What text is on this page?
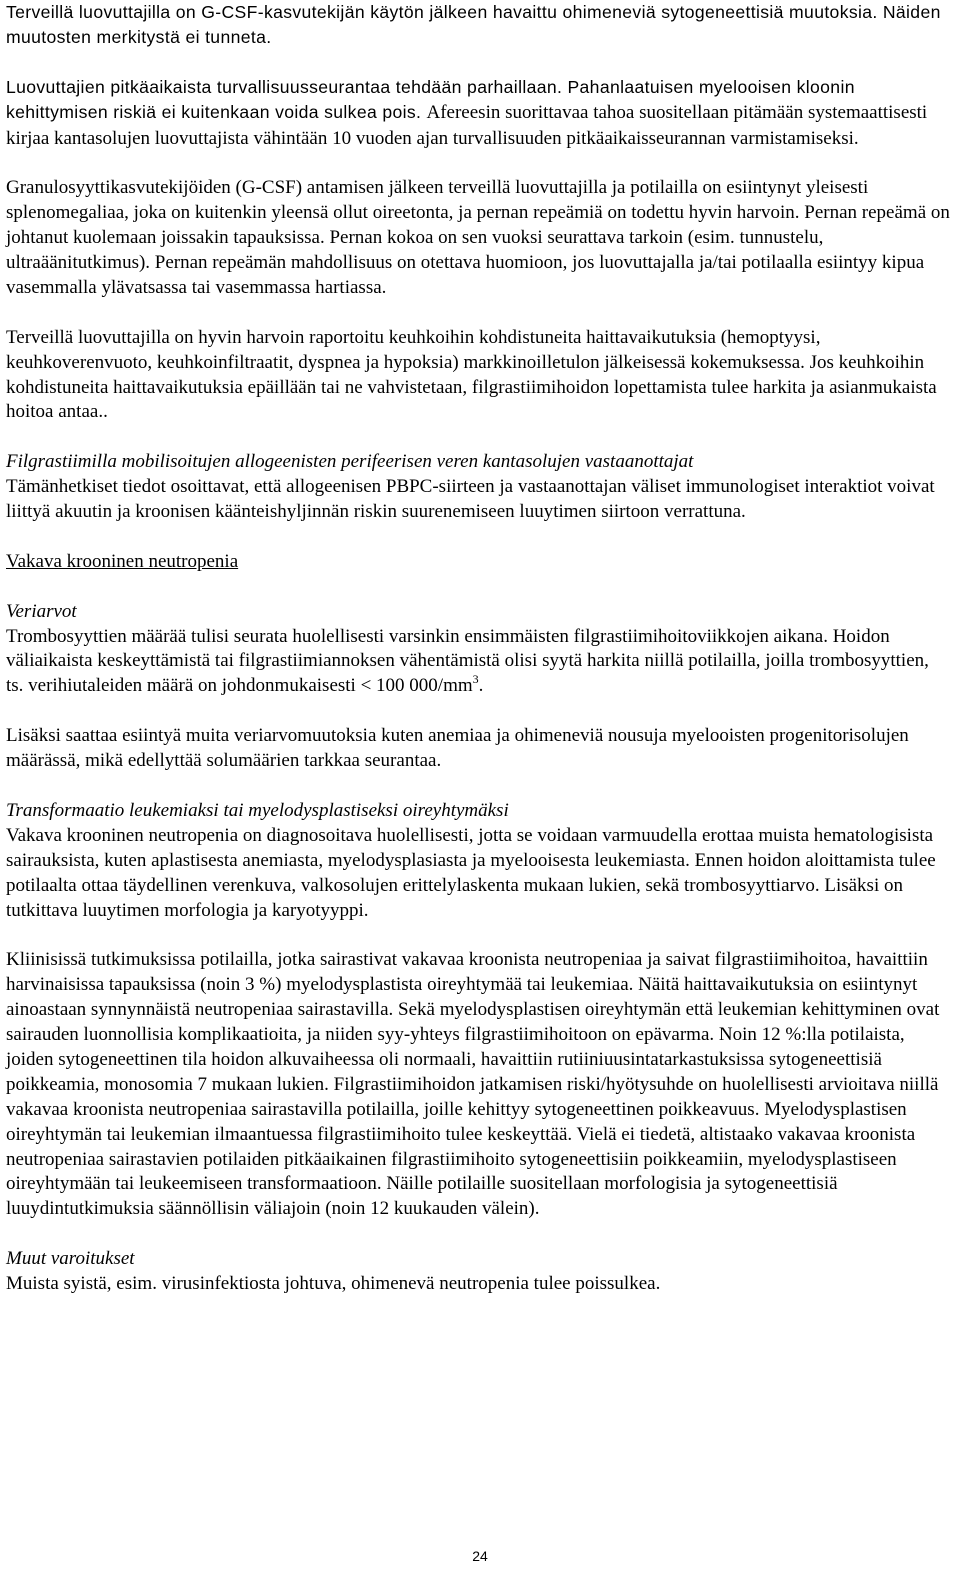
Terveillä luovuttajilla on G-CSF-kasvutekijän käytön jälkeen havaittu ohimeneviä sytogeneettisiä muutoksia. Näiden muutosten merkitystä ei tunneta.

Luovuttajien pitkäaikaista turvallisuusseurantaa tehdään parhaillaan. Pahanlaatuisen myelooisen kloonin kehittymisen riskiä ei kuitenkaan voida sulkea pois. Afereesin suorittavaa tahoa suositellaan pitämään systemaattisesti kirjaa kantasolujen luovuttajista vähintään 10 vuoden ajan turvallisuuden pitkäaikaisseurannan varmistamiseksi.

Granulosyyttikasvutekijöiden (G-CSF) antamisen jälkeen terveillä luovuttajilla ja potilailla on esiintynyt yleisesti splenomegaliaa, joka on kuitenkin yleensä ollut oireetonta, ja pernan repeämiä on todettu hyvin harvoin. Pernan repeämä on johtanut kuolemaan joissakin tapauksissa. Pernan kokoa on sen vuoksi seurattava tarkoin (esim. tunnustelu, ultraäänitutkimus). Pernan repeämän mahdollisuus on otettava huomioon, jos luovuttajalla ja/tai potilaalla esiintyy kipua vasemmalla ylävatsassa tai vasemmassa hartiassa.

Terveillä luovuttajilla on hyvin harvoin raportoitu keuhkoihin kohdistuneita haittavaikutuksia (hemoptyysi, keuhkoverenvuoto, keuhkoinfiltraatit, dyspnea ja hypoksia) markkinoilletulon jälkeisessä kokemuksessa. Jos keuhkoihin kohdistuneita haittavaikutuksia epäillään tai ne vahvistetaan, filgrastiimihoidon lopettamista tulee harkita ja asianmukaista hoitoa antaa..

Filgrastiimilla mobilisoitujen allogeenisten perifeerisen veren kantasolujen vastaanottajat
Tämänhetkiset tiedot osoittavat, että allogeenisen PBPC-siirteen ja vastaanottajan väliset immunologiset interaktiot voivat liittyä akuutin ja kroonisen käänteishyljinnän riskin suurenemiseen luuytimen siirtoon verrattuna.

Vakava krooninen neutropenia

Veriarvot
Trombosyyttien määrää tulisi seurata huolellisesti varsinkin ensimmäisten filgrastiimihoitoviikkojen aikana. Hoidon väliaikaista keskeyttämistä tai filgrastiimiannoksen vähentämistä olisi syytä harkita niillä potilailla, joilla trombosyyttien, ts. verihiutaleiden määrä on johdonmukaisesti < 100 $000/mm^3$.

Lisäksi saattaa esiintyä muita veriarvomuutoksia kuten anemiaa ja ohimeneviä nousuja myelooisten progenitorisolujen määrässä, mikä edellyttää solumäärien tarkkaa seurantaa.

Transformaatio leukemiaksi tai myelodysplastiseksi oireyhtymäksi
Vakava krooninen neutropenia on diagnosoitava huolellisesti, jotta se voidaan varmuudella erottaa muista hematologisista sairauksista, kuten aplastisesta anemiasta, myelodysplasiasta ja myelooisesta leukemiasta. Ennen hoidon aloittamista tulee potilaalta ottaa täydellinen verenkuva, valkosolujen erittelylaskenta mukaan lukien, sekä trombosyyttiarvo. Lisäksi on tutkittava luuytimen morfologia ja karyotyyppi.

Kliinisissä tutkimuksissa potilailla, jotka sairastivat vakavaa kroonista neutropeniaa ja saivat filgrastiimihoitoa, havaittiin harvinaisissa tapauksissa (noin 3 %) myelodysplastista oireyhtymää tai leukemiaa. Näitä haittavaikutuksia on esiintynyt ainoastaan synnynnäistä neutropeniaa sairastavilla. Sekä myelodysplastisen oireyhtymän että leukemian kehittyminen ovat sairauden luonnollisia komplikaatioita, ja niiden syy-yhteys filgrastiimihoitoon on epävarma. Noin 12 %:lla potilaista, joiden sytogeneettinen tila hoidon alkuvaiheessa oli normaali, havaittiin rutiiniuusintatarkastuksissa sytogeneettisiä poikkeamia, monosomia 7 mukaan lukien. Filgrastiimihoidon jatkamisen riski/hyötysuhde on huolellisesti arvioitava niillä vakavaa kroonista neutropeniaa sairastavilla potilailla, joille kehittyy sytogeneettinen poikkeavuus. Myelodysplastisen oireyhtymän tai leukemian ilmaantuessa filgrastiimihoito tulee keskeyttää. Vielä ei tiedetä, altistaako vakavaa kroonista neutropeniaa sairastavien potilaiden pitkäaikainen filgrastiimihoito sytogeneettisiin poikkeamiin, myelodysplastiseen oireyhtymään tai leukeemiseen transformaatioon. Näille potilaille suositellaan morfologisia ja sytogeneettisiä luuydintutkimuksia säännöllisin väliajoin (noin 12 kuukauden välein).

Muut varoitukset
Muista syistä, esim. virusinfektiosta johtuva, ohimenevä neutropenia tulee poissulkea.

24
